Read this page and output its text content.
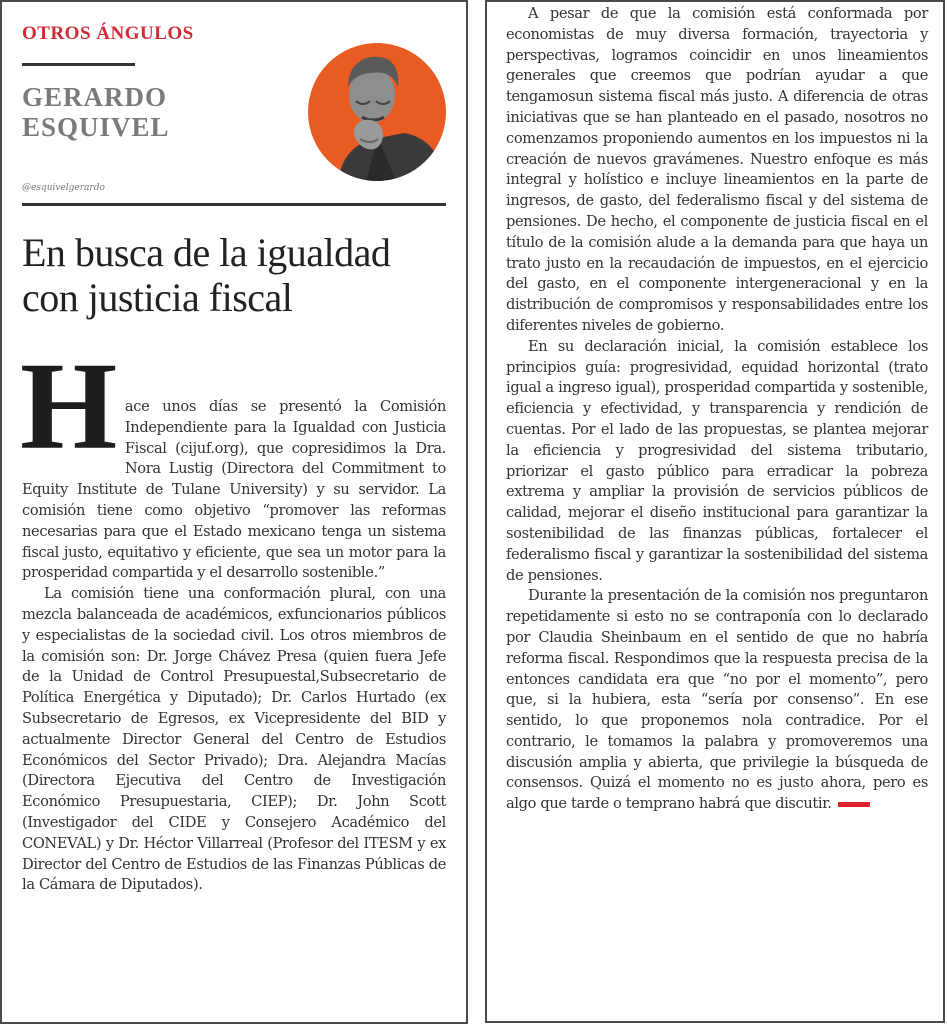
OTROS ÁNGULOS
GERARDO
ESQUIVEL
@esquivelgerardo
En busca de la igualdad con justicia fiscal

Hace unos días se presentó la Comisión Independiente para la Igualdad con Justicia Fiscal (cijuf.org), que copresidimos la Dra. Nora Lustig (Directora del Commitment to Equity Institute de Tulane University) y su servidor. La comisión tiene como objetivo “promover las reformas necesarias para que el Estado mexicano tenga un sistema fiscal justo, equitativo y eficiente, que sea un motor para la prosperidad compartida y el desarrollo sostenible.”

La comisión tiene una conformación plural, con una mezcla balanceada de académicos, exfuncionarios públicos y especialistas de la sociedad civil. Los otros miembros de la comisión son: Dr. Jorge Chávez Presa (quien fuera Jefe de la Unidad de Control Presupuestal,Subsecretario de Política Energética y Diputado); Dr. Carlos Hurtado (ex Subsecretario de Egresos, ex Vicepresidente del BID y actualmente Director General del Centro de Estudios Económicos del Sector Privado); Dra. Alejandra Macías (Directora Ejecutiva del Centro de Investigación Económico Presupuestaria, CIEP); Dr. John Scott (Investigador del CIDE y Consejero Académico del CONEVAL) y Dr. Héctor Villarreal (Profesor del ITESM y ex Director del Centro de Estudios de las Finanzas Públicas de la Cámara de Diputados).

A pesar de que la comisión está conformada por economistas de muy diversa formación, trayectoria y perspectivas, logramos coincidir en unos lineamientos generales que creemos que podrían ayudar a que tengamosun sistema fiscal más justo. A diferencia de otras iniciativas que se han planteado en el pasado, nosotros no comenzamos proponiendo aumentos en los impuestos ni la creación de nuevos gravámenes. Nuestro enfoque es más integral y holístico e incluye lineamientos en la parte de ingresos, de gasto, del federalismo fiscal y del sistema de pensiones. De hecho, el componente de justicia fiscal en el título de la comisión alude a la demanda para que haya un trato justo en la recaudación de impuestos, en el ejercicio del gasto, en el componente intergeneracional y en la distribución de compromisos y responsabilidades entre los diferentes niveles de gobierno.

En su declaración inicial, la comisión establece los principios guía: progresividad, equidad horizontal (trato igual a ingreso igual), prosperidad compartida y sostenible, eficiencia y efectividad, y transparencia y rendición de cuentas. Por el lado de las propuestas, se plantea mejorar la eficiencia y progresividad del sistema tributario, priorizar el gasto público para erradicar la pobreza extrema y ampliar la provisión de servicios públicos de calidad, mejorar el diseño institucional para garantizar la sostenibilidad de las finanzas públicas, fortalecer el federalismo fiscal y garantizar la sostenibilidad del sistema de pensiones.

Durante la presentación de la comisión nos preguntaron repetidamente si esto no se contraponía con lo declarado por Claudia Sheinbaum en el sentido de que no habría reforma fiscal. Respondimos que la respuesta precisa de la entonces candidata era que “no por el momento”, pero que, si la hubiera, esta “sería por consenso”. En ese sentido, lo que proponemos nola contradice. Por el contrario, le tomamos la palabra y promoveremos una discusión amplia y abierta, que privilegie la búsqueda de consensos. Quizá el momento no es justo ahora, pero es algo que tarde o temprano habrá que discutir.
